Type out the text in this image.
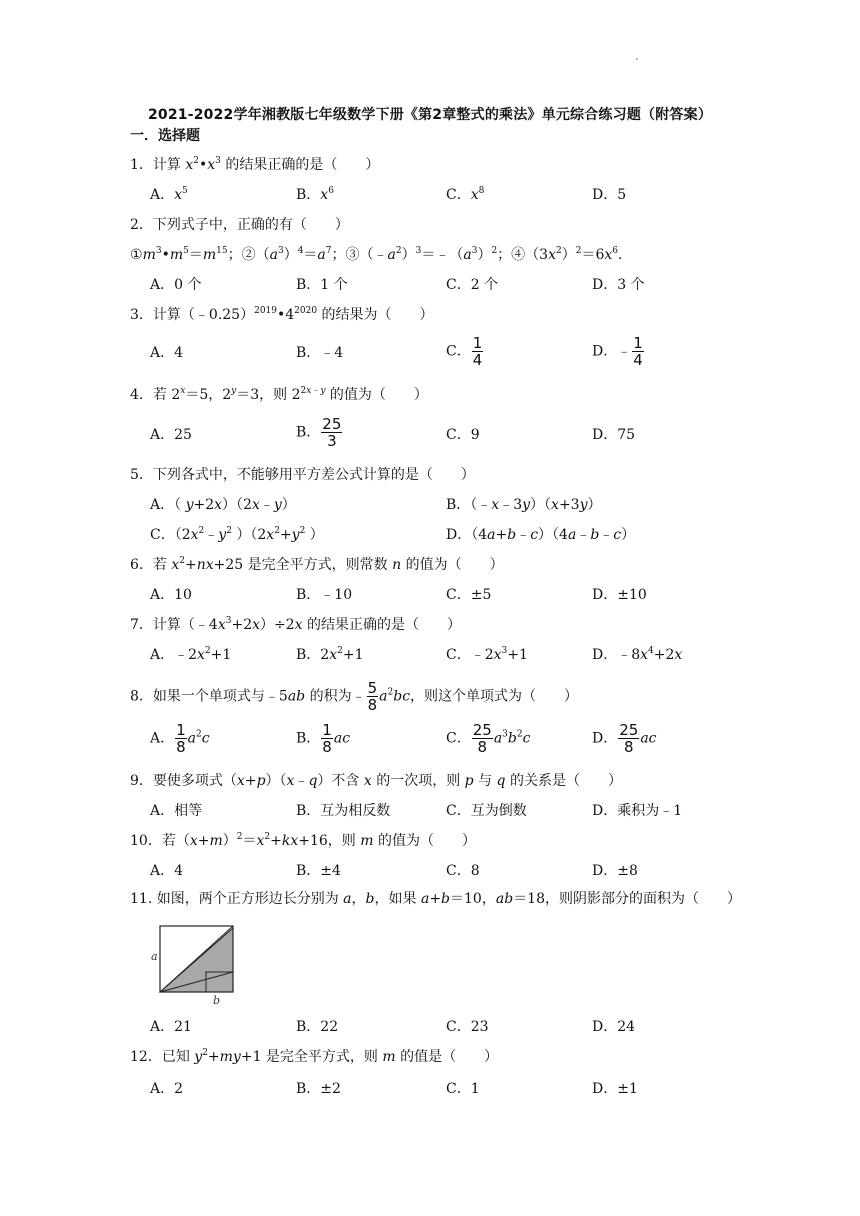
2021-2022学年湘教版七年级数学下册《第2章整式的乘法》单元综合练习题（附答案）
一．选择题
1．计算 $x^2•x^3$ 的结果正确的是（　　）
A．$x^5$	B．$x^6$	C．$x^8$	D．5
2．下列式子中，正确的有（　　）
$①m^3•m^5=m^{15}$；$②(a^3)^4=a^7$；$③(﹣a^2)^3=﹣(a^3)^2$；$④(3x^2)^2=6x^6$.
A．0 个	B．1 个	C．2 个	D．3 个
3．计算$(﹣0.25)^{2019}•4^{2020}$ 的结果为（　　）
A．4	B．﹣4	C． $\frac{1}{4}$	D．﹣ $\frac{1}{4}$
4．若 $2^x=5$，$2^y=3$，则 $2^{2x﹣y}$ 的值为（　　）
A．25	B． $\frac{25}{3}$	C．9	D．75
5．下列各式中，不能够用平方差公式计算的是（　　）
A．（ y+2x）（2x﹣y）	B．（﹣x﹣3y）（x+3y）
C．（$2x^2﹣y^2$ ）（$2x^2+y^2$ ）	D．（4a+b﹣c）（4a﹣b﹣c）
6．若 $x^2+nx+25$ 是完全平方式，则常数 n 的值为（　　）
A．10	B．﹣10	C．±5	D．±10
7．计算$(﹣4x^3+2x)\div 2x$ 的结果正确的是（　　）
A．$﹣2x^2+1$	B．$2x^2+1$	C．$﹣2x^3+1$	D．$﹣8x^4+2x$
8．如果一个单项式与﹣5ab 的积为﹣ $\frac{5}{8} a^2bc$，则这个单项式为（　　）
A． $\frac{1}{8} a^2c$	B． $\frac{1}{8}$ ac	C． $\frac{25}{8} a^3b^2c$	D． $\frac{25}{8}$ ac
9．要使多项式（x+p）（x﹣q）不含 x 的一次项，则 p 与 q 的关系是（　　）
A．相等	B．互为相反数	C．互为倒数	D．乘积为﹣1
10．若$(x+m)^2=x^2+kx+16$，则 m 的值为（　　）
A．4	B．±4	C．8	D．±8
11. 如图，两个正方形边长分别为 a，b，如果 a+b＝10，ab＝18，则阴影部分的面积为（　　）
a
b
A．21	B．22	C．23	D．24
12．已知 $y^2+my+1$ 是完全平方式，则 m 的值是（　　）
A．2	B．±2	C．1	D．±1
